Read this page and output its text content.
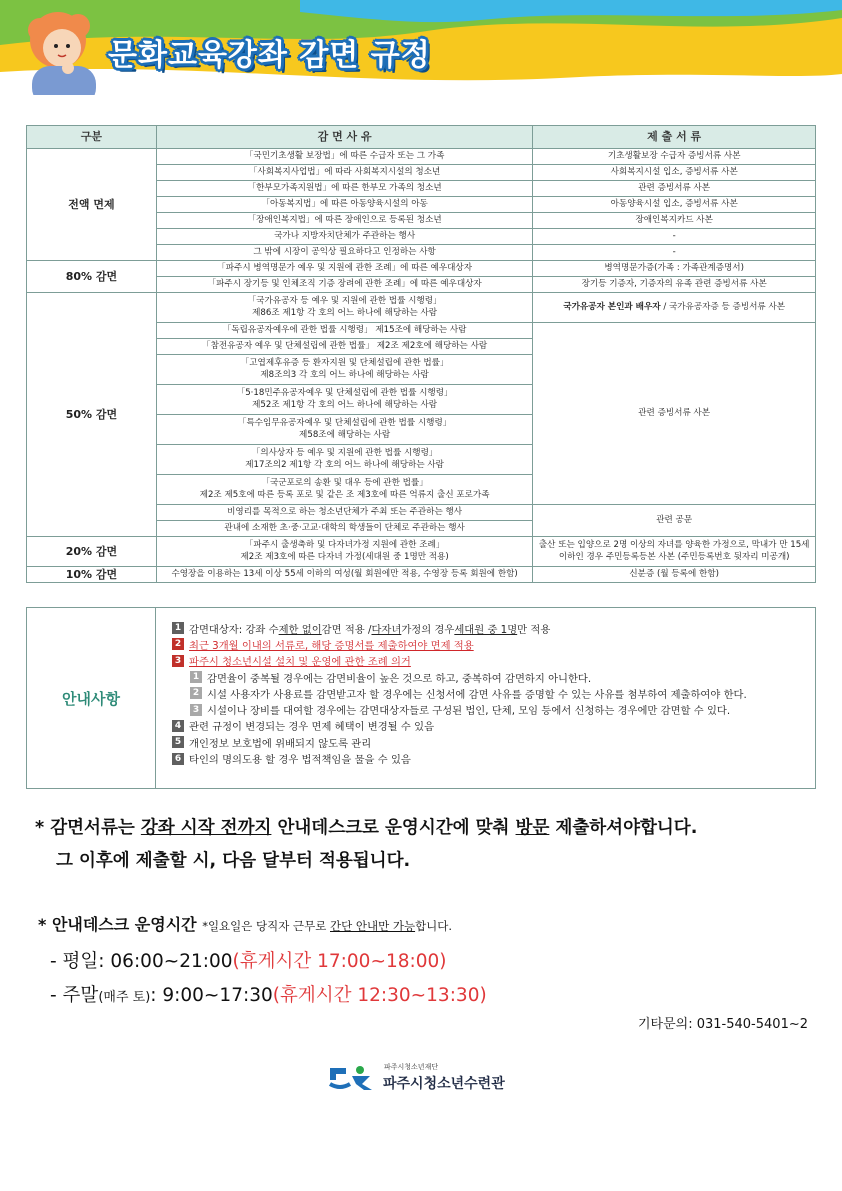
문화교육강좌 감면 규정
구분	감 면 사 유	제 출 서 류
전액 면제	「국민기초생활 보장법」에 따른 수급자 또는 그 가족	기초생활보장 수급자 증빙서류 사본
	「사회복지사업법」에 따라 사회복지시설의 청소년	사회복지시설 입소, 증빙서류 사본
	「한부모가족지원법」에 따른 한부모 가족의 청소년	관련 증빙서류 사본
	「아동복지법」에 따른 아동양육시설의 아동	아동양육시설 입소, 증빙서류 사본
	「장애인복지법」에 따른 장애인으로 등록된 청소년	장애인복지카드 사본
	국가나 지방자치단체가 주관하는 행사	-
	그 밖에 시장이 공익상 필요하다고 인정하는 사항	-
80% 감면	「파주시 병역명문가 예우 및 지원에 관한 조례」에 따른 예우대상자	병역명문가증(가족 : 가족관계증명서)
	「파주시 장기등 및 인체조직 기증 장려에 관한 조례」에 따른 예우대상자	장기등 기증자, 기증자의 유족 관련 증빙서류 사본
50% 감면	「국가유공자 등 예우 및 지원에 관한 법률 시행령」
제86조 제1항 각 호의 어느 하나에 해당하는 사람	국가유공자 본인과 배우자 / 국가유공자증 등 증빙서류 사본
	「독립유공자예우에 관한 법률 시행령」 제15조에 해당하는 사람	관련 증빙서류 사본
	「참전유공자 예우 및 단체설립에 관한 법률」 제2조 제2호에 해당하는 사람	
	「고엽제후유증 등 환자지원 및 단체설립에 관한 법률」
제8조의3 각 호의 어느 하나에 해당하는 사람	
	「5·18민주유공자예우 및 단체설립에 관한 법률 시행령」
제52조 제1항 각 호의 어느 하나에 해당하는 사람	
	「특수임무유공자예우 및 단체설립에 관한 법률 시행령」
제58조에 해당하는 사람	
	「의사상자 등 예우 및 지원에 관한 법률 시행령」
제17조의2 제1항 각 호의 어느 하나에 해당하는 사람	
	「국군포로의 송환 및 대우 등에 관한 법률」
제2조 제5호에 따른 등록 포로 및 같은 조 제3호에 따른 억류지 출신 포로가족	
	비영리를 목적으로 하는 청소년단체가 주최 또는 주관하는 행사	관련 공문
	관내에 소재한 초·중·고교·대학의 학생들이 단체로 주관하는 행사	
20% 감면	「파주시 출생축하 및 다자녀가정 지원에 관한 조례」
제2조 제3호에 따른 다자녀 가정(세대원 중 1명만 적용)	출산 또는 입양으로 2명 이상의 자녀를 양육한 가정으로, 막내가 만 15세
이하인 경우 주민등록등본 사본 (주민등록번호 뒷자리 미공개)
10% 감면	수영장을 이용하는 13세 이상 55세 이하의 여성(월 회원에만 적용, 수영장 등록 회원에 한함)	신분증 (월 등록에 한함)
안내사항
1 감면대상자: 강좌 수 제한 없이 감면 적용 / 다자녀 가정의 경우 세대원 중 1명 만 적용
2 최근 3개월 이내의 서류로, 해당 증명서를 제출하여야 면제 적용
3 파주시 청소년시설 설치 및 운영에 관한 조례 의거
1 감면율이 중복될 경우에는 감면비율이 높은 것으로 하고, 중복하여 감면하지 아니한다.
2 시설 사용자가 사용료를 감면받고자 할 경우에는 신청서에 감면 사유를 증명할 수 있는 사유를 첨부하여 제출하여야 한다.
3 시설이나 장비를 대여할 경우에는 감면대상자들로 구성된 법인, 단체, 모임 등에서 신청하는 경우에만 감면할 수 있다.
4 관련 규정이 변경되는 경우 면제 혜택이 변경될 수 있음
5 개인정보 보호법에 위배되지 않도록 관리
6 타인의 명의도용 할 경우 법적책임을 물을 수 있음
* 감면서류는 강좌 시작 전까지 안내데스크로 운영시간에 맞춰 방문 제출하셔야합니다.
그 이후에 제출할 시, 다음 달부터 적용됩니다.
* 안내데스크 운영시간 *일요일은 당직자 근무로 간단 안내만 가능합니다.
- 평일: 06:00~21:00(휴게시간 17:00~18:00)
- 주말(매주 토): 9:00~17:30(휴게시간 12:30~13:30)
기타문의: 031-540-5401~2
파주시청소년재단
파주시청소년수련관
